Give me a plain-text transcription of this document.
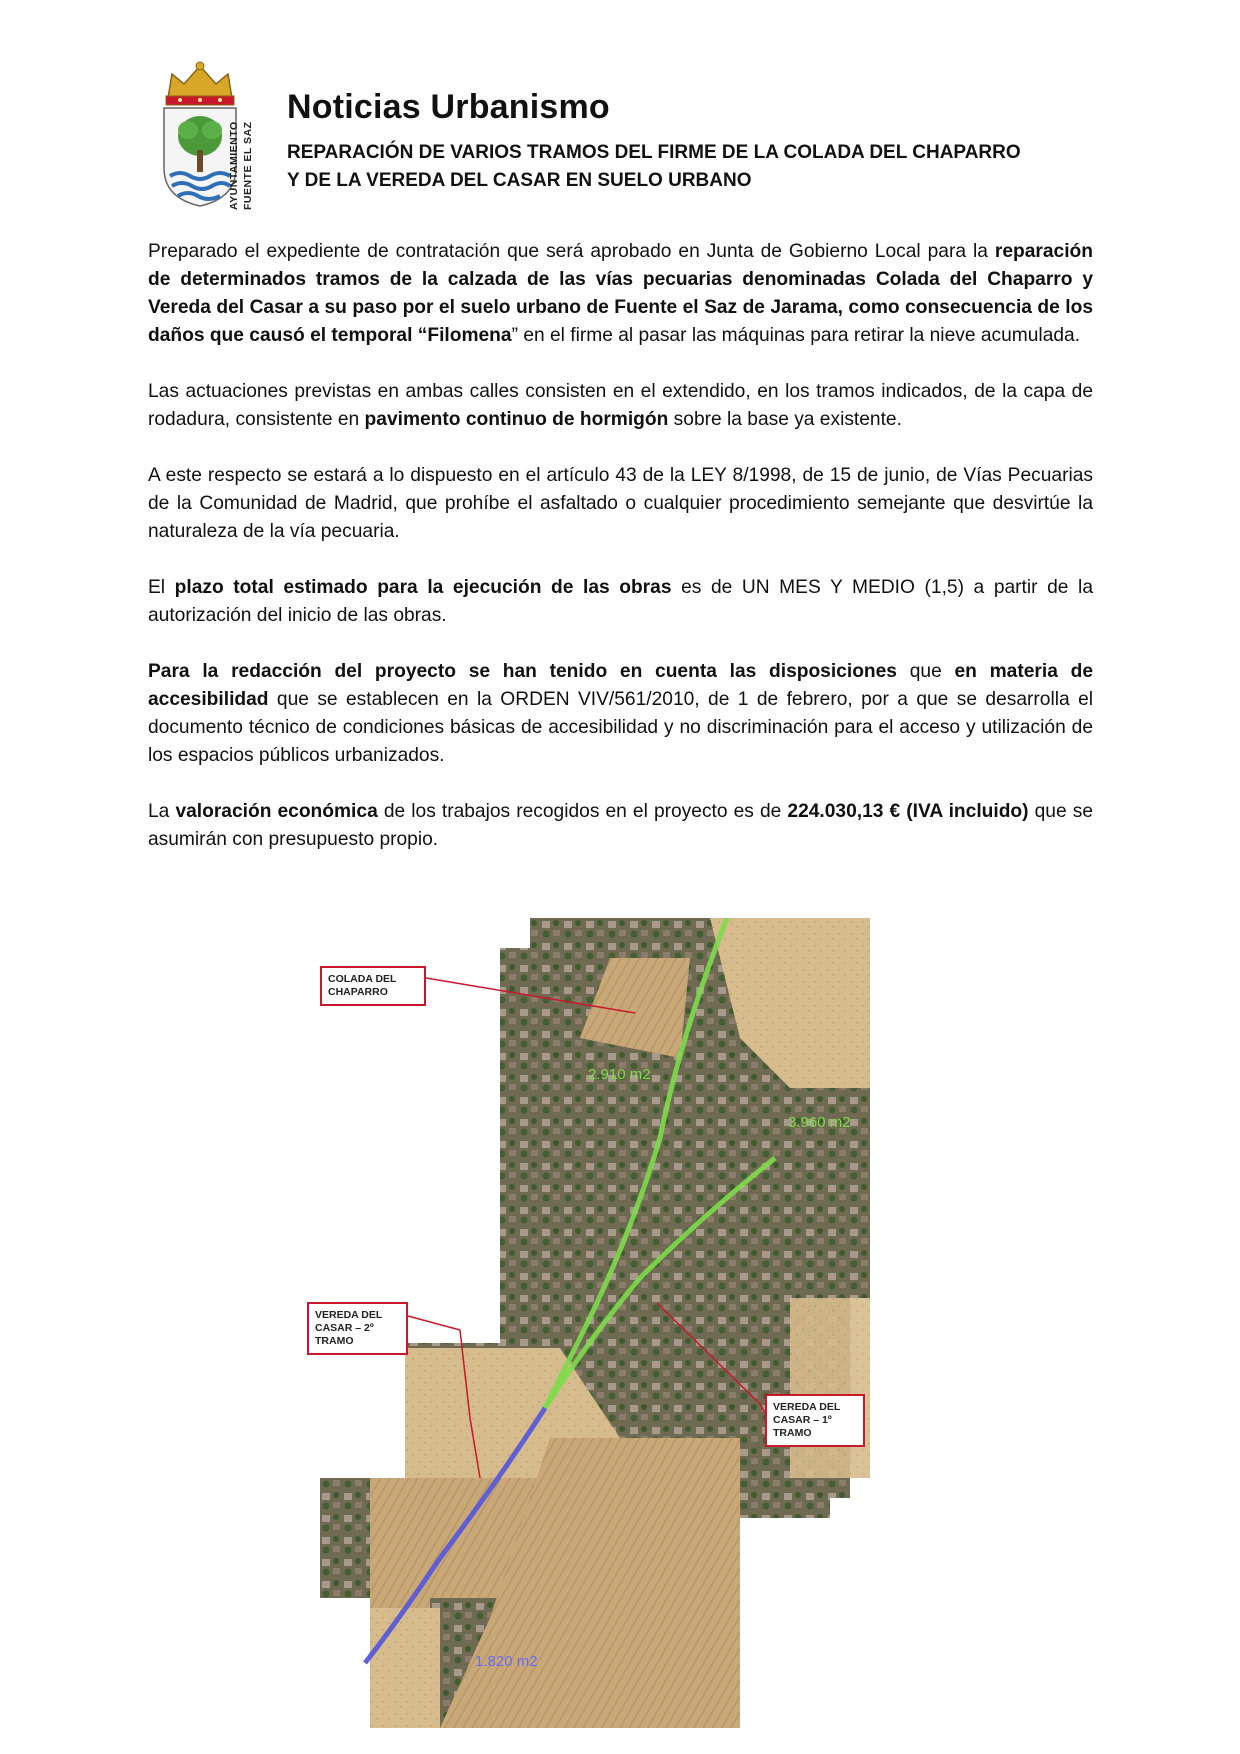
AYUNTAMIENTO FUENTE EL SAZ
Noticias Urbanismo
REPARACIÓN DE VARIOS TRAMOS DEL FIRME DE LA COLADA DEL CHAPARRO
Y DE LA VEREDA DEL CASAR EN SUELO URBANO

Preparado el expediente de contratación que será aprobado en Junta de Gobierno Local para la reparación de determinados tramos de la calzada de las vías pecuarias denominadas Colada del Chaparro y Vereda del Casar a su paso por el suelo urbano de Fuente el Saz de Jarama, como consecuencia de los daños que causó el temporal “Filomena” en el firme al pasar las máquinas para retirar la nieve acumulada.

Las actuaciones previstas en ambas calles consisten en el extendido, en los tramos indicados, de la capa de rodadura, consistente en pavimento continuo de hormigón sobre la base ya existente.

A este respecto se estará a lo dispuesto en el artículo 43 de la LEY 8/1998, de 15 de junio, de Vías Pecuarias de la Comunidad de Madrid, que prohíbe el asfaltado o cualquier procedimiento semejante que desvirtúe la naturaleza de la vía pecuaria.

El plazo total estimado para la ejecución de las obras es de UN MES Y MEDIO (1,5) a partir de la autorización del inicio de las obras.

Para la redacción del proyecto se han tenido en cuenta las disposiciones que en materia de accesibilidad que se establecen en la ORDEN VIV/561/2010, de 1 de febrero, por a que se desarrolla el documento técnico de condiciones básicas de accesibilidad y no discriminación para el acceso y utilización de los espacios públicos urbanizados.

La valoración económica de los trabajos recogidos en el proyecto es de 224.030,13 € (IVA incluido) que se asumirán con presupuesto propio.

COLADA DEL CHAPARRO
VEREDA DEL CASAR – 2º TRAMO
VEREDA DEL CASAR – 1º TRAMO
2.910 m2
3.960 m2
1.820 m2
